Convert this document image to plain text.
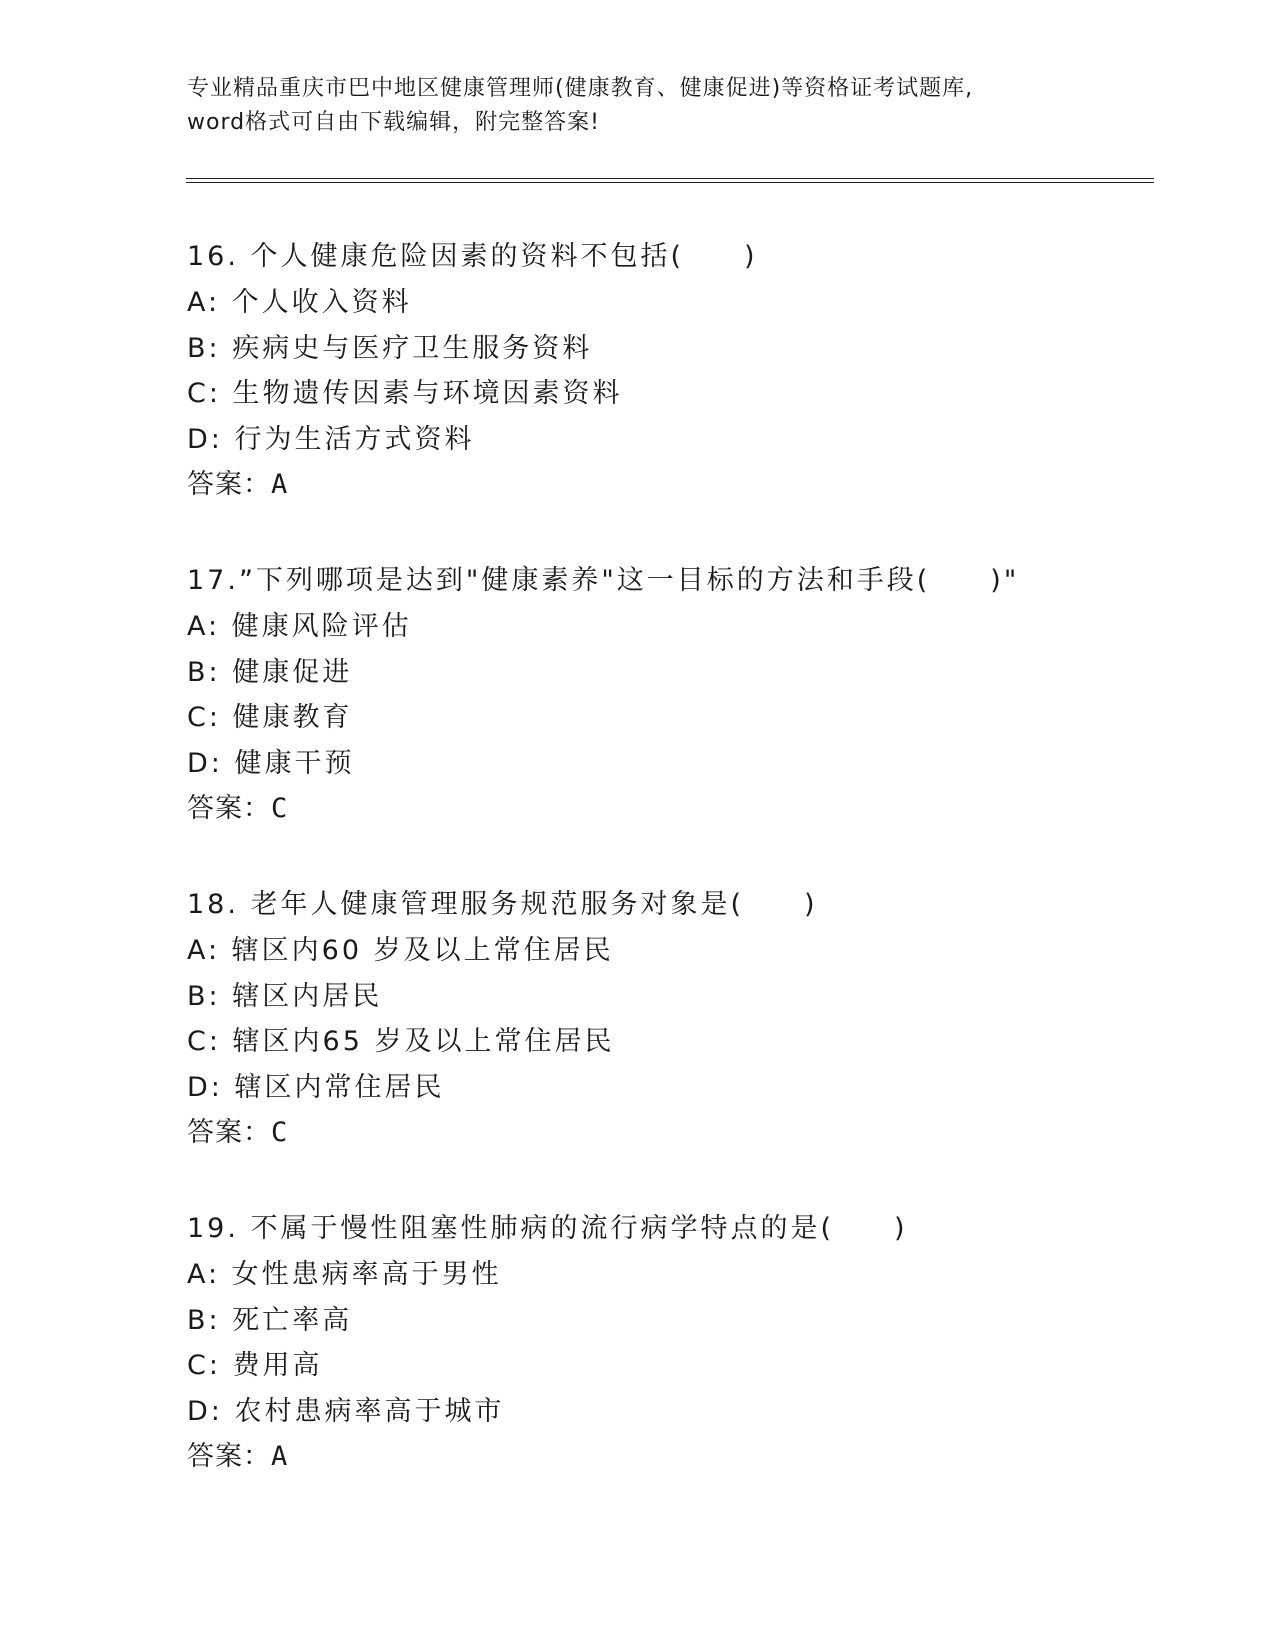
专业精品重庆市巴中地区健康管理师(健康教育、健康促进)等资格证考试题库,
word格式可自由下载编辑，附完整答案!
16. 个人健康危险因素的资料不包括(　　)
A: 个人收入资料
B: 疾病史与医疗卫生服务资料
C: 生物遗传因素与环境因素资料
D: 行为生活方式资料
答案：A
17.”下列哪项是达到"健康素养"这一目标的方法和手段(　　)"
A: 健康风险评估
B: 健康促进
C: 健康教育
D: 健康干预
答案：C
18. 老年人健康管理服务规范服务对象是(　　)
A: 辖区内60 岁及以上常住居民
B: 辖区内居民
C: 辖区内65 岁及以上常住居民
D: 辖区内常住居民
答案：C
19. 不属于慢性阻塞性肺病的流行病学特点的是(　　)
A: 女性患病率高于男性
B: 死亡率高
C: 费用高
D: 农村患病率高于城市
答案：A
